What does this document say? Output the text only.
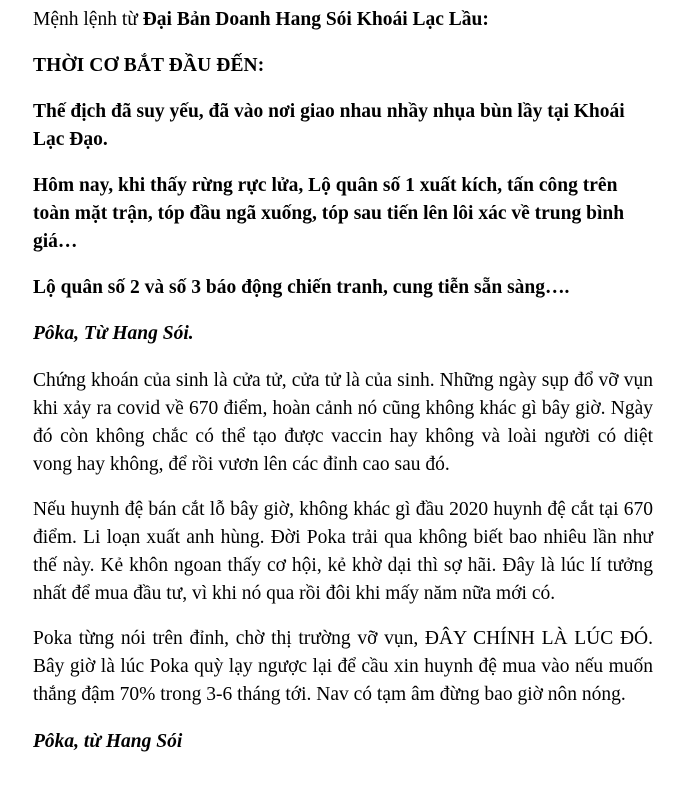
Mệnh lệnh từ Đại Bản Doanh Hang Sói Khoái Lạc Lầu:

THỜI CƠ BẮT ĐẦU ĐẾN:

Thế địch đã suy yếu, đã vào nơi giao nhau nhầy nhụa bùn lầy tại Khoái Lạc Đạo.

Hôm nay, khi thấy rừng rực lửa, Lộ quân số 1 xuất kích, tấn công trên toàn mặt trận, tóp đầu ngã xuống, tóp sau tiến lên lôi xác về trung bình giá…

Lộ quân số 2 và số 3 báo động chiến tranh, cung tiễn sẵn sàng….

Pôka, Từ Hang Sói.

Chứng khoán của sinh là cửa tử, cửa tử là của sinh. Những ngày sụp đổ vỡ vụn khi xảy ra covid về 670 điểm, hoàn cảnh nó cũng không khác gì bây giờ. Ngày đó còn không chắc có thể tạo được vaccin hay không và loài người có diệt vong hay không, để rồi vươn lên các đỉnh cao sau đó.

Nếu huynh đệ bán cắt lỗ bây giờ, không khác gì đầu 2020 huynh đệ cắt tại 670 điểm. Li loạn xuất anh hùng. Đời Poka trải qua không biết bao nhiêu lần như thế này. Kẻ khôn ngoan thấy cơ hội, kẻ khờ dại thì sợ hãi. Đây là lúc lí tưởng nhất để mua đầu tư, vì khi nó qua rồi đôi khi mấy năm nữa mới có.

Poka từng nói trên đỉnh, chờ thị trường vỡ vụn, ĐÂY CHÍNH LÀ LÚC ĐÓ. Bây giờ là lúc Poka quỳ lạy ngược lại để cầu xin huynh đệ mua vào nếu muốn thắng đậm 70% trong 3-6 tháng tới. Nav có tạm âm đừng bao giờ nôn nóng.

Pôka, từ Hang Sói
